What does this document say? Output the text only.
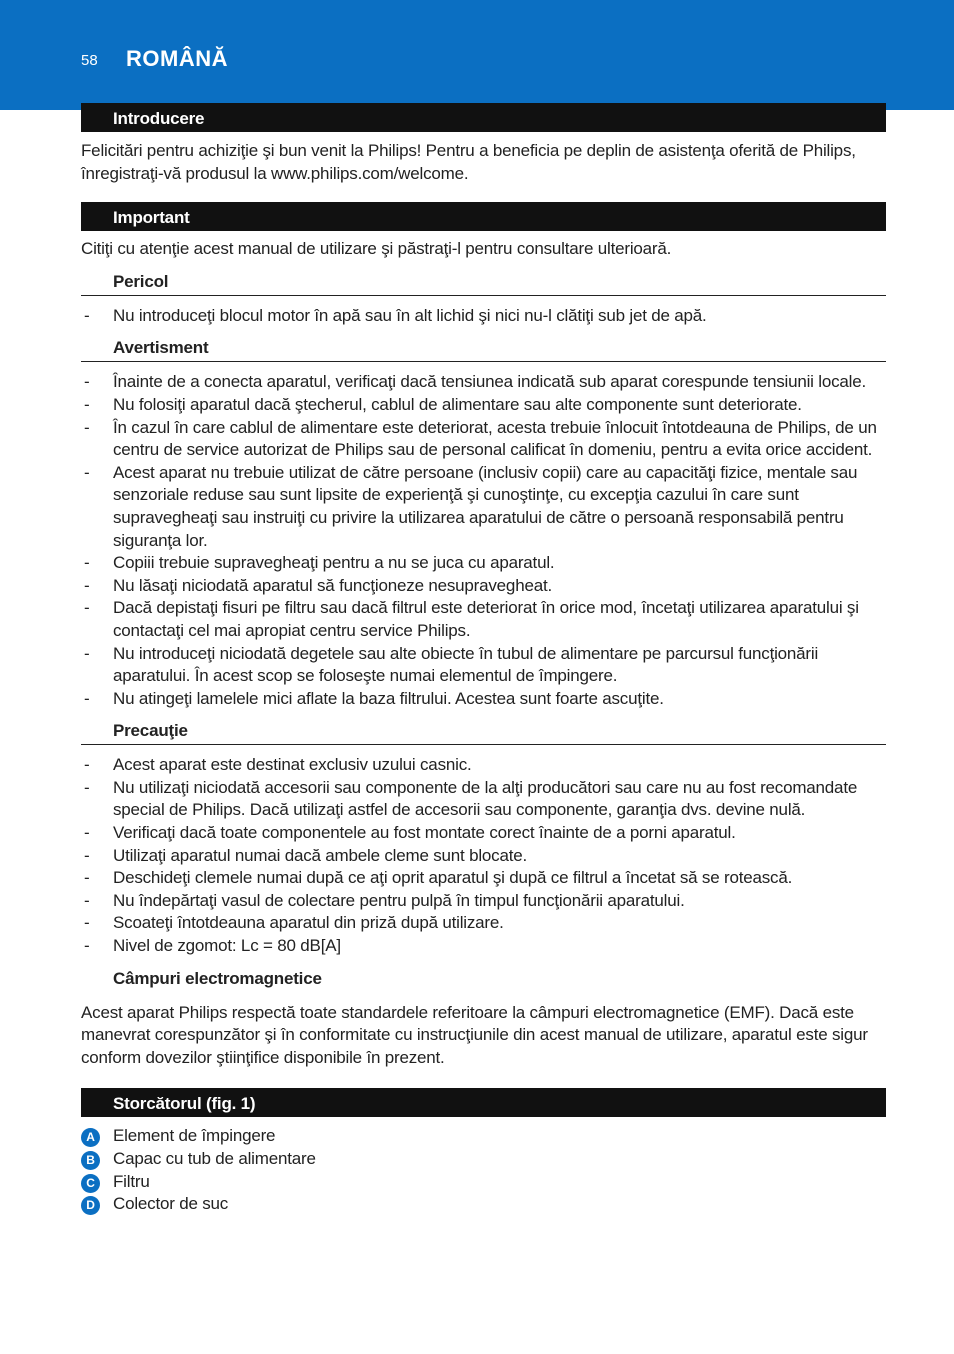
58 ROMÂNĂ
Introducere

Felicitări pentru achiziţie şi bun venit la Philips! Pentru a beneficia pe deplin de asistenţa oferită de Philips, înregistraţi-vă produsul la www.philips.com/welcome.

Important

Citiţi cu atenţie acest manual de utilizare şi păstraţi-l pentru consultare ulterioară.

Pericol
- Nu introduceţi blocul motor în apă sau în alt lichid şi nici nu-l clătiţi sub jet de apă.
Avertisment
- Înainte de a conecta aparatul, verificaţi dacă tensiunea indicată sub aparat corespunde tensiunii locale.
- Nu folosiţi aparatul dacă ştecherul, cablul de alimentare sau alte componente sunt deteriorate.
- În cazul în care cablul de alimentare este deteriorat, acesta trebuie înlocuit întotdeauna de Philips, de un centru de service autorizat de Philips sau de personal calificat în domeniu, pentru a evita orice accident.
- Acest aparat nu trebuie utilizat de către persoane (inclusiv copii) care au capacităţi fizice, mentale sau senzoriale reduse sau sunt lipsite de experienţă şi cunoştinţe, cu excepţia cazului în care sunt supravegheaţi sau instruiţi cu privire la utilizarea aparatului de către o persoană responsabilă pentru siguranţa lor.
- Copiii trebuie supravegheaţi pentru a nu se juca cu aparatul.
- Nu lăsaţi niciodată aparatul să funcţioneze nesupravegheat.
- Dacă depistaţi fisuri pe filtru sau dacă filtrul este deteriorat în orice mod, încetaţi utilizarea aparatului şi contactaţi cel mai apropiat centru service Philips.
- Nu introduceţi niciodată degetele sau alte obiecte în tubul de alimentare pe parcursul funcţionării aparatului. În acest scop se foloseşte numai elementul de împingere.
- Nu atingeţi lamelele mici aflate la baza filtrului. Acestea sunt foarte ascuţite.
Precauţie
- Acest aparat este destinat exclusiv uzului casnic.
- Nu utilizaţi niciodată accesorii sau componente de la alţi producători sau care nu au fost recomandate special de Philips. Dacă utilizaţi astfel de accesorii sau componente, garanţia dvs. devine nulă.
- Verificaţi dacă toate componentele au fost montate corect înainte de a porni aparatul.
- Utilizaţi aparatul numai dacă ambele cleme sunt blocate.
- Deschideţi clemele numai după ce aţi oprit aparatul şi după ce filtrul a încetat să se rotească.
- Nu îndepărtaţi vasul de colectare pentru pulpă în timpul funcţionării aparatului.
- Scoateţi întotdeauna aparatul din priză după utilizare.
- Nivel de zgomot: Lc = 80 dB[A]
Câmpuri electromagnetice

Acest aparat Philips respectă toate standardele referitoare la câmpuri electromagnetice (EMF). Dacă este manevrat corespunzător şi în conformitate cu instrucţiunile din acest manual de utilizare, aparatul este sigur conform dovezilor ştiinţifice disponibile în prezent.

Storcătorul (fig. 1)
A	Element de împingere
B	Capac cu tub de alimentare
C	Filtru
D	Colector de suc
